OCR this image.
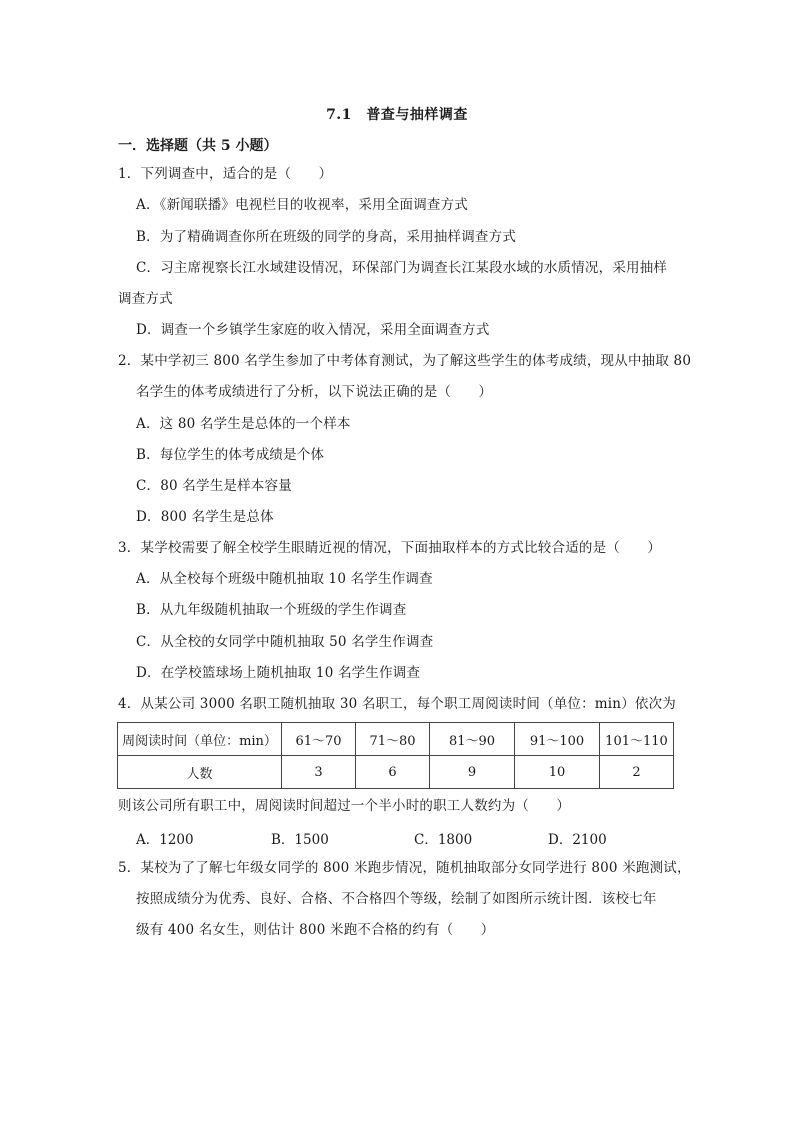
7.1　普查与抽样调查
一．选择题（共 5 小题）
1．下列调查中，适合的是（　　）
A．《新闻联播》电视栏目的收视率，采用全面调查方式
B．为了精确调查你所在班级的同学的身高，采用抽样调查方式
C．习主席视察长江水域建设情况，环保部门为调查长江某段水域的水质情况，采用抽样
调查方式
D．调查一个乡镇学生家庭的收入情况，采用全面调查方式
2．某中学初三 800 名学生参加了中考体育测试，为了解这些学生的体考成绩，现从中抽取 80
名学生的体考成绩进行了分析，以下说法正确的是（　　）
A．这 80 名学生是总体的一个样本
B．每位学生的体考成绩是个体
C．80 名学生是样本容量
D．800 名学生是总体
3．某学校需要了解全校学生眼睛近视的情况，下面抽取样本的方式比较合适的是（　　）
A．从全校每个班级中随机抽取 10 名学生作调查
B．从九年级随机抽取一个班级的学生作调查
C．从全校的女同学中随机抽取 50 名学生作调查
D．在学校篮球场上随机抽取 10 名学生作调查
4．从某公司 3000 名职工随机抽取 30 名职工，每个职工周阅读时间（单位：min）依次为
周阅读时间（单位：min）	61～70	71～80	81～90	91～100	101～110
人数	3	6	9	10	2
则该公司所有职工中，周阅读时间超过一个半小时的职工人数约为（　　）
A．1200	B．1500	C．1800	D．2100
5．某校为了了解七年级女同学的 800 米跑步情况，随机抽取部分女同学进行 800 米跑测试，
按照成绩分为优秀、良好、合格、不合格四个等级，绘制了如图所示统计图．该校七年
级有 400 名女生，则估计 800 米跑不合格的约有（　　）
